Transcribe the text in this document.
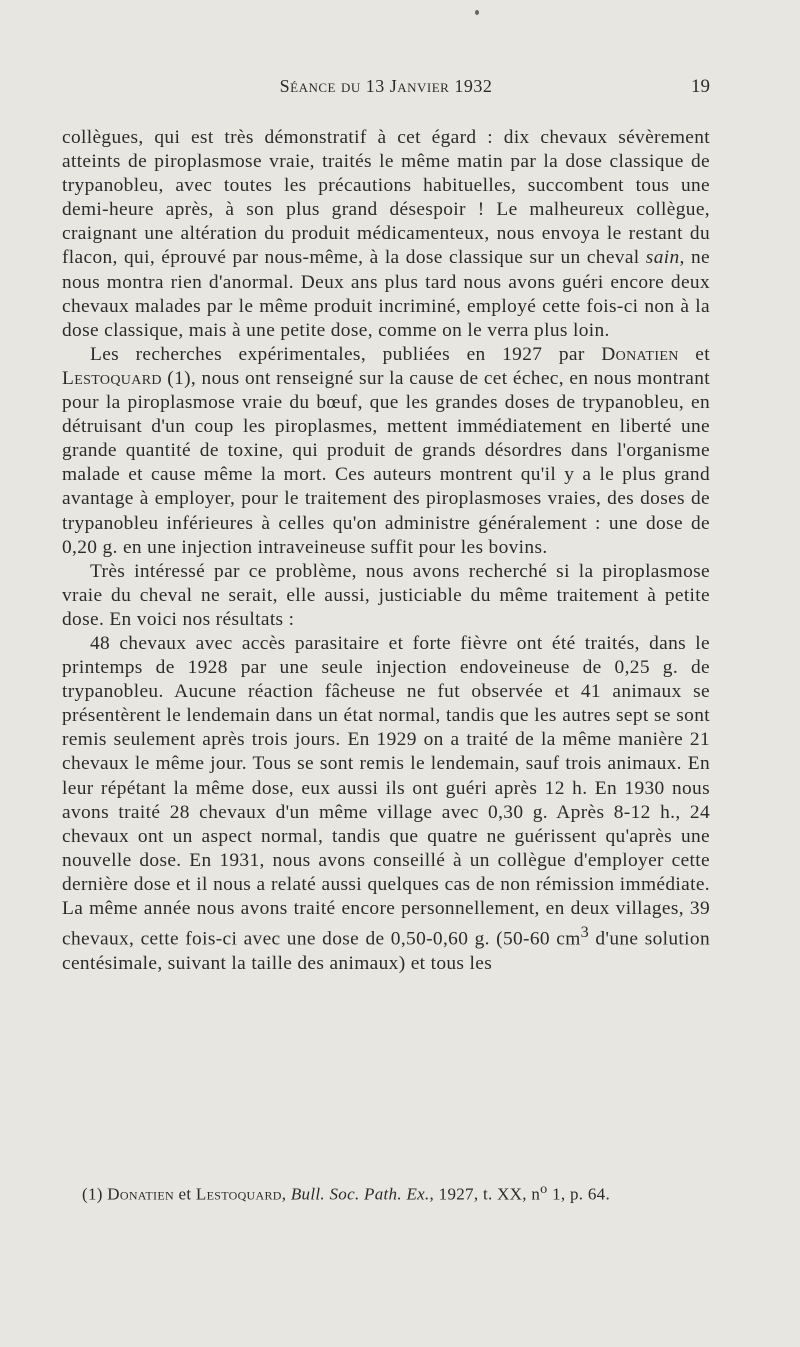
Séance du 13 Janvier 1932	19

collègues, qui est très démonstratif à cet égard : dix chevaux sévèrement atteints de piroplasmose vraie, traités le même matin par la dose classique de trypanobleu, avec toutes les précautions habituelles, succombent tous une demi-heure après, à son plus grand désespoir ! Le malheureux collègue, craignant une altération du produit médicamenteux, nous envoya le restant du flacon, qui, éprouvé par nous-même, à la dose classique sur un cheval sain, ne nous montra rien d'anormal. Deux ans plus tard nous avons guéri encore deux chevaux malades par le même produit incriminé, employé cette fois-ci non à la dose classique, mais à une petite dose, comme on le verra plus loin.

Les recherches expérimentales, publiées en 1927 par Donatien et Lestoquard (1), nous ont renseigné sur la cause de cet échec, en nous montrant pour la piroplasmose vraie du bœuf, que les grandes doses de trypanobleu, en détruisant d'un coup les piroplasmes, mettent immédiatement en liberté une grande quantité de toxine, qui produit de grands désordres dans l'organisme malade et cause même la mort. Ces auteurs montrent qu'il y a le plus grand avantage à employer, pour le traitement des piroplasmoses vraies, des doses de trypanobleu inférieures à celles qu'on administre généralement : une dose de 0,20 g. en une injection intraveineuse suffit pour les bovins.

Très intéressé par ce problème, nous avons recherché si la piroplasmose vraie du cheval ne serait, elle aussi, justiciable du même traitement à petite dose. En voici nos résultats :

48 chevaux avec accès parasitaire et forte fièvre ont été traités, dans le printemps de 1928 par une seule injection endoveineuse de 0,25 g. de trypanobleu. Aucune réaction fâcheuse ne fut observée et 41 animaux se présentèrent le lendemain dans un état normal, tandis que les autres sept se sont remis seulement après trois jours. En 1929 on a traité de la même manière 21 chevaux le même jour. Tous se sont remis le lendemain, sauf trois animaux. En leur répétant la même dose, eux aussi ils ont guéri après 12 h. En 1930 nous avons traité 28 chevaux d'un même village avec 0,30 g. Après 8-12 h., 24 chevaux ont un aspect normal, tandis que quatre ne guérissent qu'après une nouvelle dose. En 1931, nous avons conseillé à un collègue d'employer cette dernière dose et il nous a relaté aussi quelques cas de non rémission immédiate. La même année nous avons traité encore personnellement, en deux villages, 39 chevaux, cette fois-ci avec une dose de 0,50-0,60 g. (50-60 $cm^3$ d'une solution centésimale, suivant la taille des animaux) et tous les

(1) Donatien et Lestoquard, Bull. Soc. Path. Ex., 1927, t. XX, $n^o$ 1, p. 64.
